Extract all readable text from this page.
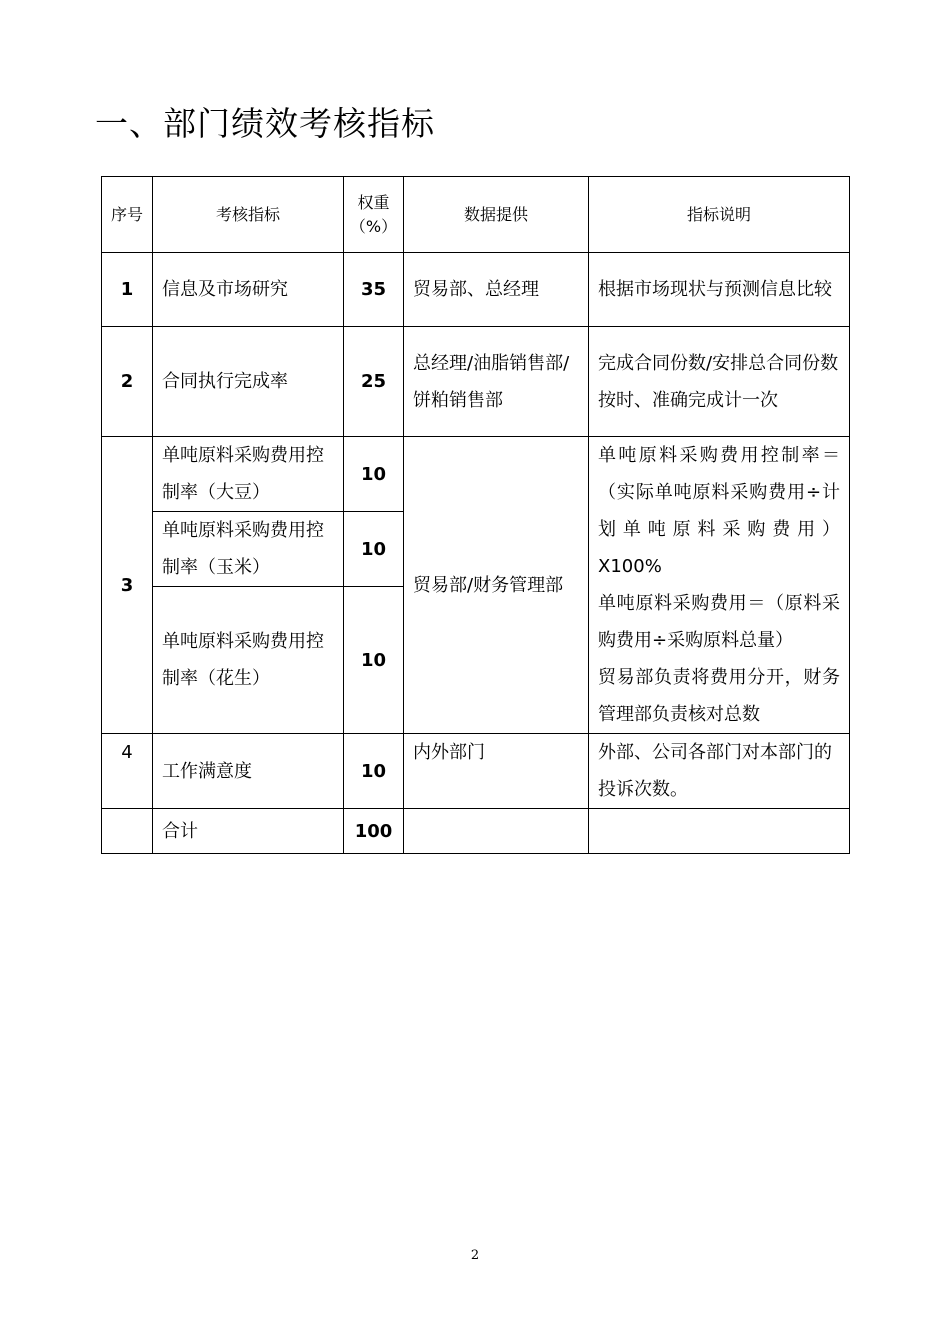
一、部门绩效考核指标
序号	考核指标	权重（%）	数据提供	指标说明
1	信息及市场研究	35	贸易部、总经理	根据市场现状与预测信息比较

2	合同执行完成率	25	总经理/油脂销售部/饼粕销售部	完成合同份数/安排总合同份数
按时、准确完成计一次

3	单吨原料采购费用控制率（大豆）	10	贸易部/财务管理部	单吨原料采购费用控制率＝（实际单吨原料采购费用÷计划单吨原料采购费用）X100%
单吨原料采购费用＝（原料采购费用÷采购原料总量）
贸易部负责将费用分开，财务管理部负责核对总数

	单吨原料采购费用控制率（玉米）	10		
	单吨原料采购费用控制率（花生）	10		
4	工作满意度	10	内外部门	外部、公司各部门对本部门的投诉次数。

	合计	100		
2
